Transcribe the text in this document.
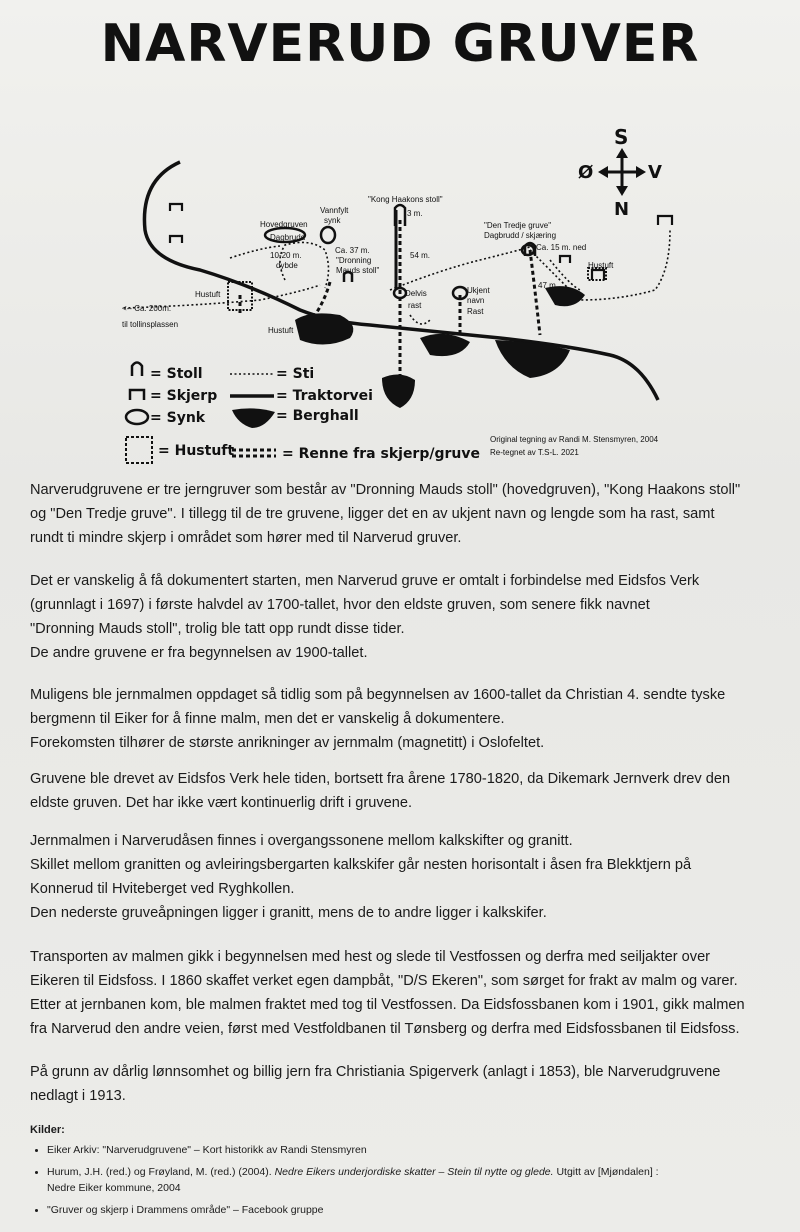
NARVERUD GRUVER
S
N
Ø	V
Hovedgruven
Dagbrudd
10-20 m.
dybde
Vannfylt
synk
Ca. 37 m.
"Dronning
Mauds stoll"
"Kong Haakons stoll"
3 m.
54 m.
Delvis
rast
"Den Tredje gruve"
Dagbrudd / skjæring
Ca. 15 m. ned
Hustuft
47 m.
Ukjent
navn
Rast
Hustuft
Hustuft
<-- Ca. 200m.
til tollinsplassen
= Stoll
= Skjerp
= Synk
= Hustuft
= Sti
= Traktorvei
= Berghall
= Renne fra skjerp/gruve
Original tegning av Randi M. Stensmyren, 2004
Re-tegnet av T.S-L. 2021

Narverudgruvene er tre jerngruver som består av "Dronning Mauds stoll" (hovedgruven), "Kong Haakons stoll"

og "Den Tredje gruve". I tillegg til de tre gruvene, ligger det en av ukjent navn og lengde som ha rast, samt

rundt ti mindre skjerp i området som hører med til Narverud gruver.

Det er vanskelig å få dokumentert starten, men Narverud gruve er omtalt i forbindelse med Eidsfos Verk

(grunnlagt i 1697) i første halvdel av 1700-tallet, hvor den eldste gruven, som senere fikk navnet

"Dronning Mauds stoll", trolig ble tatt opp rundt disse tider.

De andre gruvene er fra begynnelsen av 1900-tallet.

Muligens ble jernmalmen oppdaget så tidlig som på begynnelsen av 1600-tallet da Christian 4. sendte tyske

bergmenn til Eiker for å finne malm, men det er vanskelig å dokumentere.

Forekomsten tilhører de største anrikninger av jernmalm (magnetitt) i Oslofeltet.

Gruvene ble drevet av Eidsfos Verk hele tiden, bortsett fra årene 1780-1820, da Dikemark Jernverk drev den

eldste gruven. Det har ikke vært kontinuerlig drift i gruvene.

Jernmalmen i Narverudåsen finnes i overgangssonene mellom kalkskifter og granitt.

Skillet mellom granitten og avleiringsbergarten kalkskifer går nesten horisontalt i åsen fra Blekktjern på

Konnerud til Hviteberget ved Ryghkollen.

Den nederste gruveåpningen ligger i granitt, mens de to andre ligger i kalkskifer.

Transporten av malmen gikk i begynnelsen med hest og slede til Vestfossen og derfra med seiljakter over

Eikeren til Eidsfoss. I 1860 skaffet verket egen dampbåt, "D/S Ekeren", som sørget for frakt av malm og varer.

Etter at jernbanen kom, ble malmen fraktet med tog til Vestfossen. Da Eidsfossbanen kom i 1901, gikk malmen

fra Narverud den andre veien, først med Vestfoldbanen til Tønsberg og derfra med Eidsfossbanen til Eidsfoss.

På grunn av dårlig lønnsomhet og billig jern fra Christiania Spigerverk (anlagt i 1853), ble Narverudgruvene

nedlagt i 1913.

Kilder:
• Eiker Arkiv: "Narverudgruvene" – Kort historikk av Randi Stensmyren
• Hurum, J.H. (red.) og Frøyland, M. (red.) (2004). Nedre Eikers underjordiske skatter – Stein til nytte og glede. Utgitt av [Mjøndalen] :
Nedre Eiker kommune, 2004
• "Gruver og skjerp i Drammens område" – Facebook gruppe
